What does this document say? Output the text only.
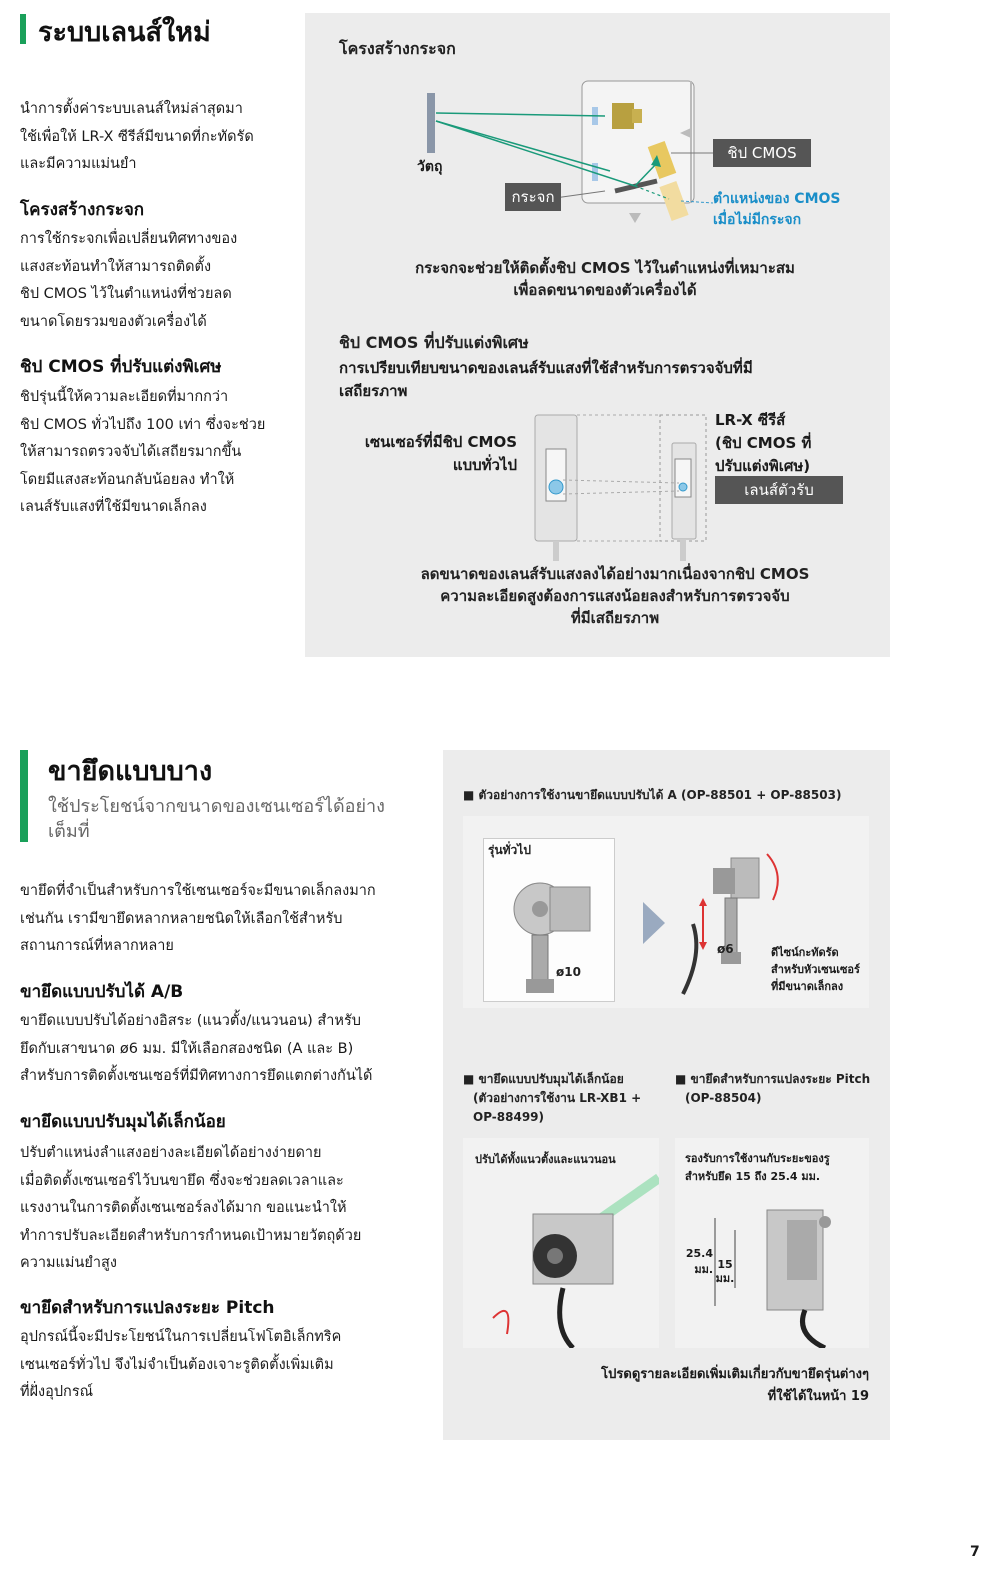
ระบบเลนส์ใหม่
นำการตั้งค่าระบบเลนส์ใหม่ล่าสุดมา
ใช้เพื่อให้ LR-X ซีรีส์มีขนาดที่กะทัดรัด
และมีความแม่นยำ
โครงสร้างกระจก
การใช้กระจกเพื่อเปลี่ยนทิศทางของ
แสงสะท้อนทำให้สามารถติดตั้ง
ชิป CMOS ไว้ในตำแหน่งที่ช่วยลด
ขนาดโดยรวมของตัวเครื่องได้
ชิป CMOS ที่ปรับแต่งพิเศษ
ชิปรุ่นนี้ให้ความละเอียดที่มากกว่า
ชิป CMOS ทั่วไปถึง 100 เท่า ซึ่งจะช่วย
ให้สามารถตรวจจับได้เสถียรมากขึ้น
โดยมีแสงสะท้อนกลับน้อยลง ทำให้
เลนส์รับแสงที่ใช้มีขนาดเล็กลง
โครงสร้างกระจก
วัตถุ
กระจก
ชิป CMOS
ตำแหน่งของ CMOS
เมื่อไม่มีกระจก
กระจกจะช่วยให้ติดตั้งชิป CMOS ไว้ในตำแหน่งที่เหมาะสม
เพื่อลดขนาดของตัวเครื่องได้
ชิป CMOS ที่ปรับแต่งพิเศษ
การเปรียบเทียบขนาดของเลนส์รับแสงที่ใช้สำหรับการตรวจจับที่มี
เสถียรภาพ
เซนเซอร์ที่มีชิป CMOS
แบบทั่วไป
LR-X ซีรีส์
(ชิป CMOS ที่
ปรับแต่งพิเศษ)
เลนส์ตัวรับ
ลดขนาดของเลนส์รับแสงลงได้อย่างมากเนื่องจากชิป CMOS
ความละเอียดสูงต้องการแสงน้อยลงสำหรับการตรวจจับ
ที่มีเสถียรภาพ
ขายึดแบบบาง
ใช้ประโยชน์จากขนาดของเซนเซอร์ได้อย่าง
เต็มที่
ขายึดที่จำเป็นสำหรับการใช้เซนเซอร์จะมีขนาดเล็กลงมาก
เช่นกัน เรามีขายึดหลากหลายชนิดให้เลือกใช้สำหรับ
สถานการณ์ที่หลากหลาย
ขายึดแบบปรับได้ A/B
ขายึดแบบปรับได้อย่างอิสระ (แนวตั้ง/แนวนอน) สำหรับ
ยึดกับเสาขนาด ø6 มม. มีให้เลือกสองชนิด (A และ B)
สำหรับการติดตั้งเซนเซอร์ที่มีทิศทางการยึดแตกต่างกันได้
ขายึดแบบปรับมุมได้เล็กน้อย
ปรับตำแหน่งลำแสงอย่างละเอียดได้อย่างง่ายดาย
เมื่อติดตั้งเซนเซอร์ไว้บนขายึด ซึ่งจะช่วยลดเวลาและ
แรงงานในการติดตั้งเซนเซอร์ลงได้มาก ขอแนะนำให้
ทำการปรับละเอียดสำหรับการกำหนดเป้าหมายวัตถุด้วย
ความแม่นยำสูง
ขายึดสำหรับการแปลงระยะ Pitch
อุปกรณ์นี้จะมีประโยชน์ในการเปลี่ยนโฟโตอิเล็กทริค
เซนเซอร์ทั่วไป จึงไม่จำเป็นต้องเจาะรูติดตั้งเพิ่มเติม
ที่ฝั่งอุปกรณ์
■ ตัวอย่างการใช้งานขายึดแบบปรับได้ A (OP-88501 + OP-88503)
รุ่นทั่วไป
ø10
ø6	ดีไซน์กะทัดรัด
สำหรับหัวเซนเซอร์
ที่มีขนาดเล็กลง
■ ขายึดแบบปรับมุมได้เล็กน้อย
(ตัวอย่างการใช้งาน LR-XB1 +
OP-88499)
■ ขายึดสำหรับการแปลงระยะ Pitch
(OP-88504)
ปรับได้ทั้งแนวตั้งและแนวนอน	รองรับการใช้งานกับระยะของรู
สำหรับยึด 15 ถึง 25.4 มม.
25.4
มม. 15
มม.
โปรดดูรายละเอียดเพิ่มเติมเกี่ยวกับขายึดรุ่นต่างๆ
ที่ใช้ได้ในหน้า 19
7
